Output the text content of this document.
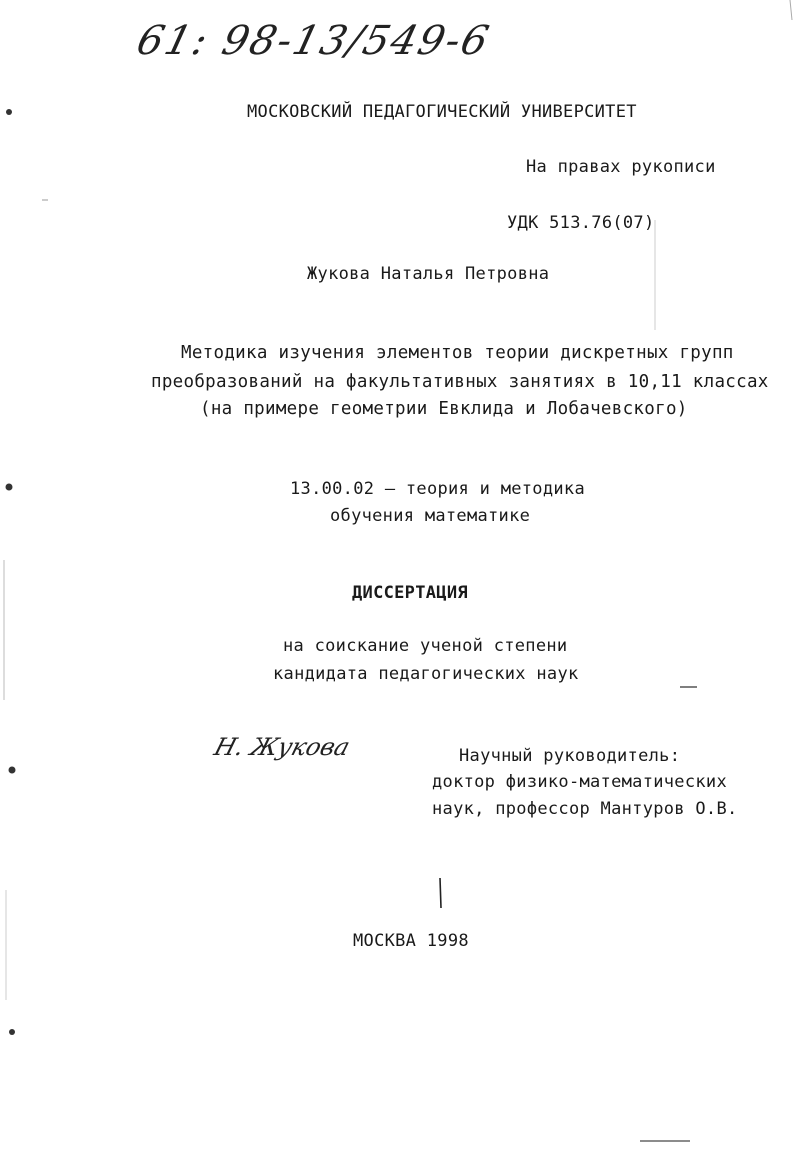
61: 98-13/549-6
МОСКОВСКИЙ ПЕДАГОГИЧЕСКИЙ УНИВЕРСИТЕТ
На правах рукописи
УДК 513.76(07)
Жукова Наталья Петровна
Методика изучения элементов теории дискретных групп
преобразований на факультативных занятиях в 10,11 классах
(на примере геометрии Евклида и Лобачевского)
13.00.02 – теория и методика
обучения математике
ДИССЕРТАЦИЯ
на соискание ученой степени
кандидата педагогических наук
Н. Жукова	Научный руководитель:
доктор физико-математических
наук, профессор Мантуров О.В.
МОСКВА 1998
